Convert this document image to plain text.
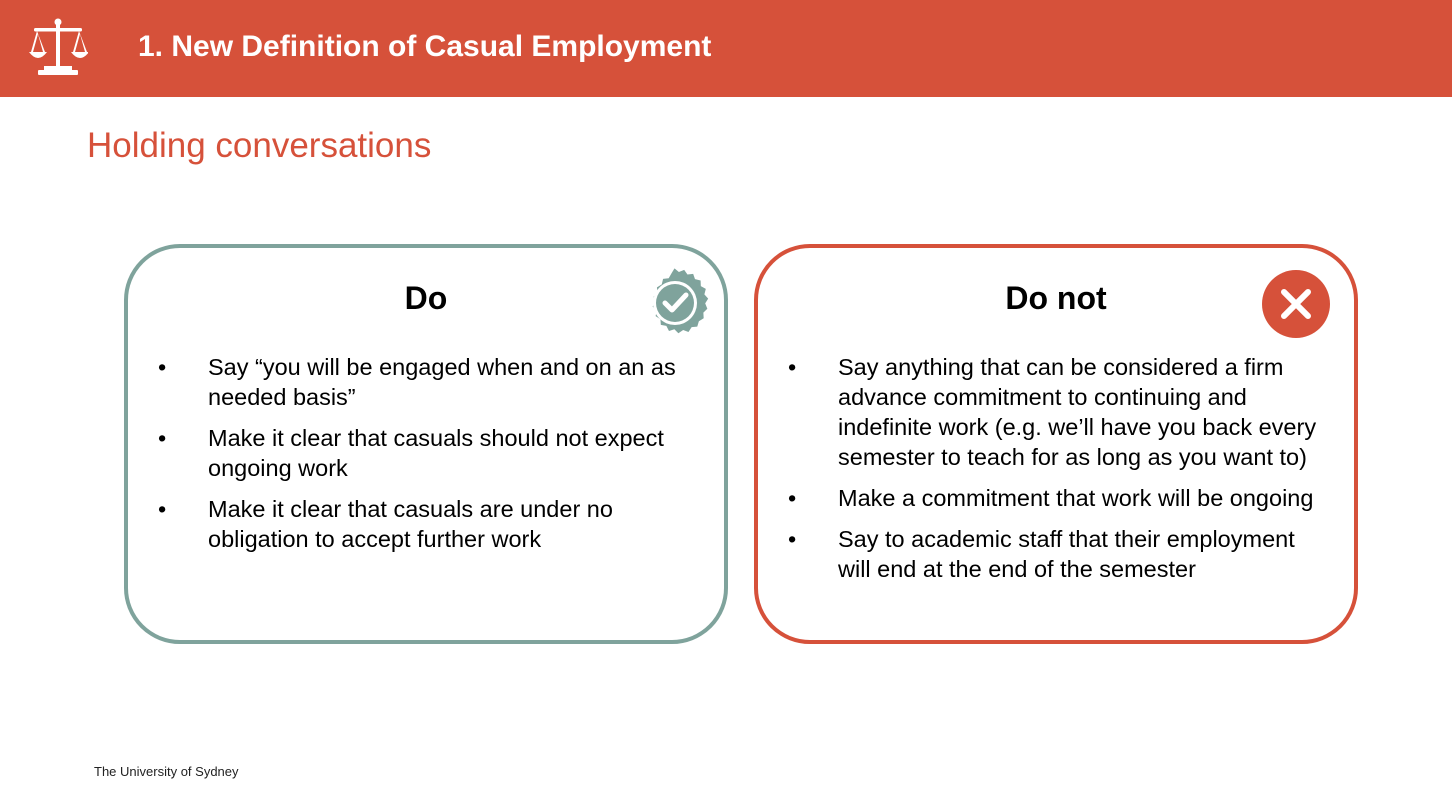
1. New Definition of Casual Employment
Holding conversations
Do
•	Say “you will be engaged when and on an as needed basis”
•	Make it clear that casuals should not expect ongoing work
•	Make it clear that casuals are under no obligation to accept further work
Do not
•	Say anything that can be considered a firm advance commitment to continuing and indefinite work (e.g. we’ll have you back every semester to teach for as long as you want to)
•	Make a commitment that work will be ongoing
•	Say to academic staff that their employment will end at the end of the semester
The University of Sydney
